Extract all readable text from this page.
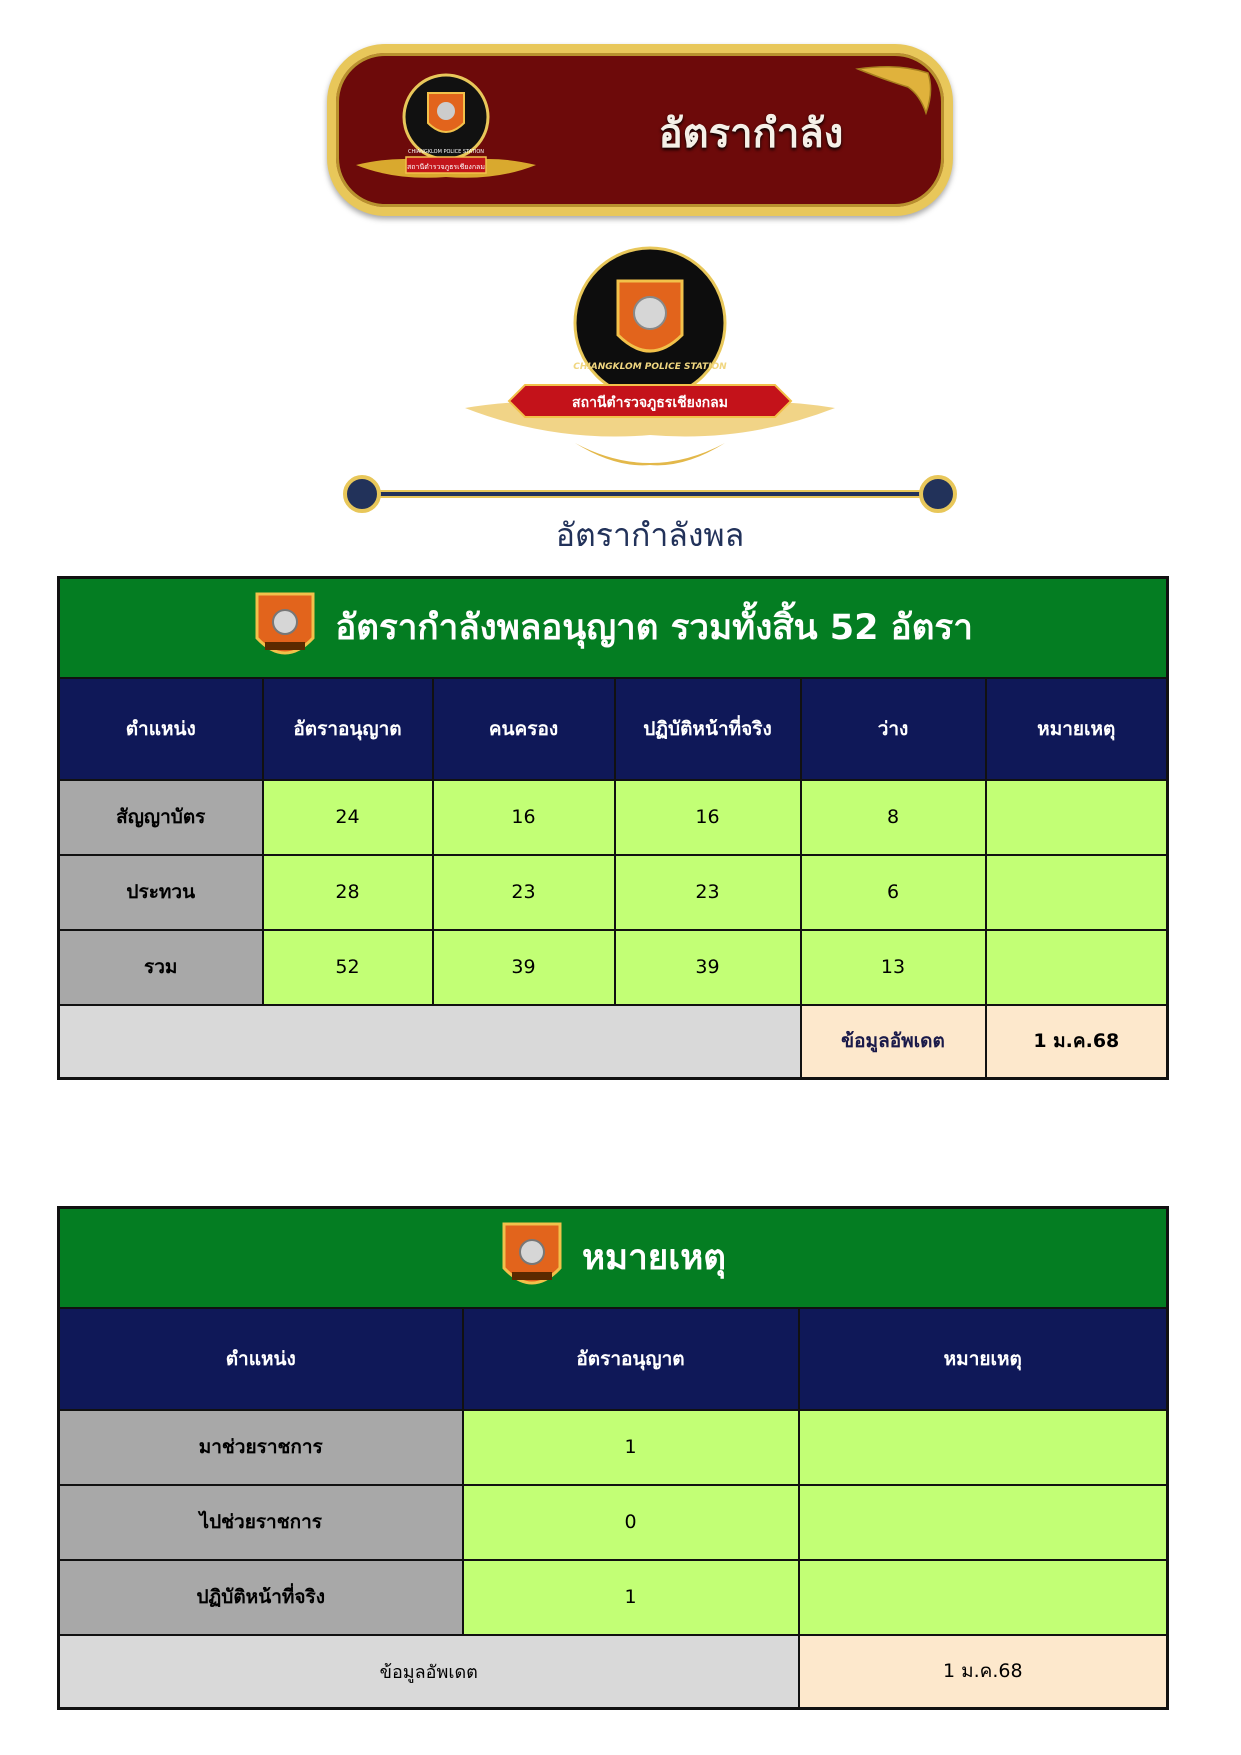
สถานีตำรวจภูธรเชียงกลม
CHIANGKLOM POLICE STATION	อัตรากำลัง
CHIANGKLOM POLICE STATION
สถานีตำรวจภูธรเชียงกลม
อัตรากำลังพล
อัตรากำลังพลอนุญาต รวมทั้งสิ้น 52 อัตรา					

ตำแหน่ง	อัตราอนุญาต	คนครอง	ปฏิบัติหน้าที่จริง	ว่าง	หมายเหตุ
สัญญาบัตร	24	16	16	8	
ประทวน	28	23	23	6	
รวม	52	39	39	13	
				ข้อมูลอัพเดต	1 ม.ค.68
หมายเหตุ		

ตำแหน่ง	อัตราอนุญาต	หมายเหตุ
มาช่วยราชการ	1	
ไปช่วยราชการ	0	
ปฏิบัติหน้าที่จริง	1	
ข้อมูลอัพเดต		1 ม.ค.68
